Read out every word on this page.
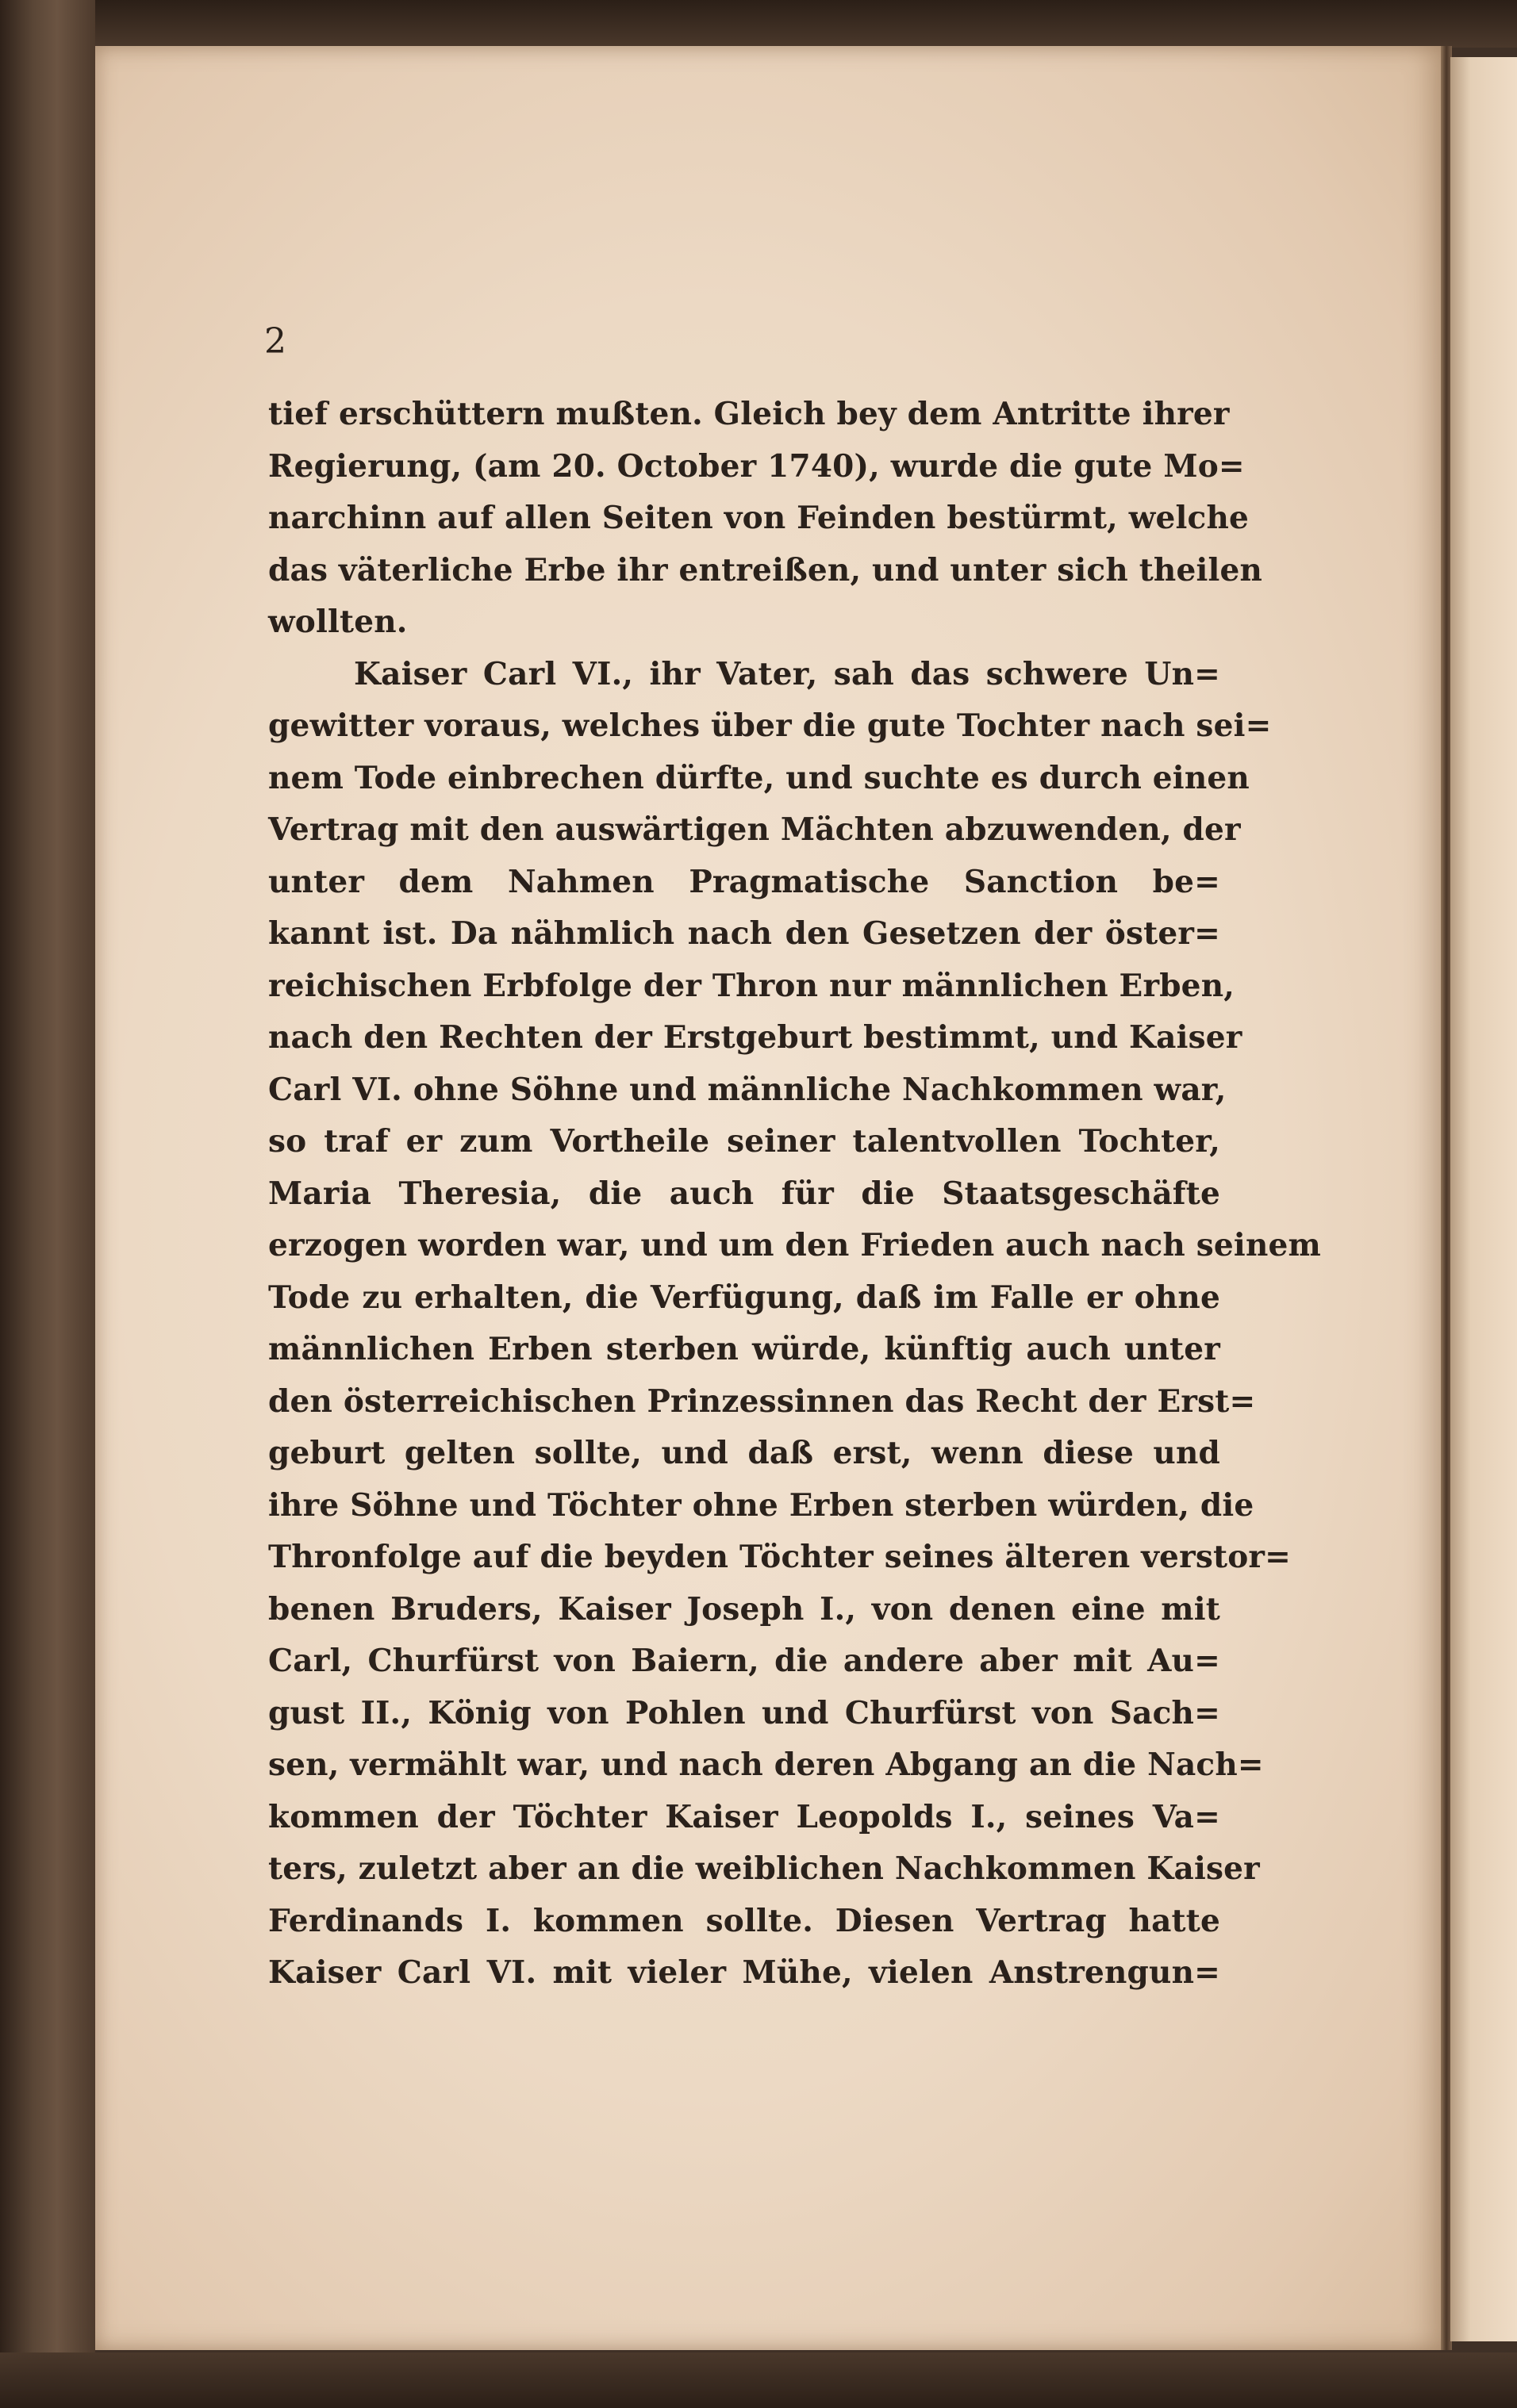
2
tief erschüttern mußten. Gleich bey dem Antritte ihrer
Regierung, (am 20. October 1740), wurde die gute Mo=
narchinn auf allen Seiten von Feinden bestürmt, welche
das väterliche Erbe ihr entreißen, und unter sich theilen
wollten.
Kaiser Carl VI., ihr Vater, sah das schwere Un=
gewitter voraus, welches über die gute Tochter nach sei=
nem Tode einbrechen dürfte, und suchte es durch einen
Vertrag mit den auswärtigen Mächten abzuwenden, der
unter dem Nahmen Pragmatische Sanction be=
kannt ist. Da nähmlich nach den Gesetzen der öster=
reichischen Erbfolge der Thron nur männlichen Erben,
nach den Rechten der Erstgeburt bestimmt, und Kaiser
Carl VI. ohne Söhne und männliche Nachkommen war,
so traf er zum Vortheile seiner talentvollen Tochter,
Maria Theresia, die auch für die Staatsgeschäfte
erzogen worden war, und um den Frieden auch nach seinem
Tode zu erhalten, die Verfügung, daß im Falle er ohne
männlichen Erben sterben würde, künftig auch unter
den österreichischen Prinzessinnen das Recht der Erst=
geburt gelten sollte, und daß erst, wenn diese und
ihre Söhne und Töchter ohne Erben sterben würden, die
Thronfolge auf die beyden Töchter seines älteren verstor=
benen Bruders, Kaiser Joseph I., von denen eine mit
Carl, Churfürst von Baiern, die andere aber mit Au=
gust II., König von Pohlen und Churfürst von Sach=
sen, vermählt war, und nach deren Abgang an die Nach=
kommen der Töchter Kaiser Leopolds I., seines Va=
ters, zuletzt aber an die weiblichen Nachkommen Kaiser
Ferdinands I. kommen sollte. Diesen Vertrag hatte
Kaiser Carl VI. mit vieler Mühe, vielen Anstrengun=
